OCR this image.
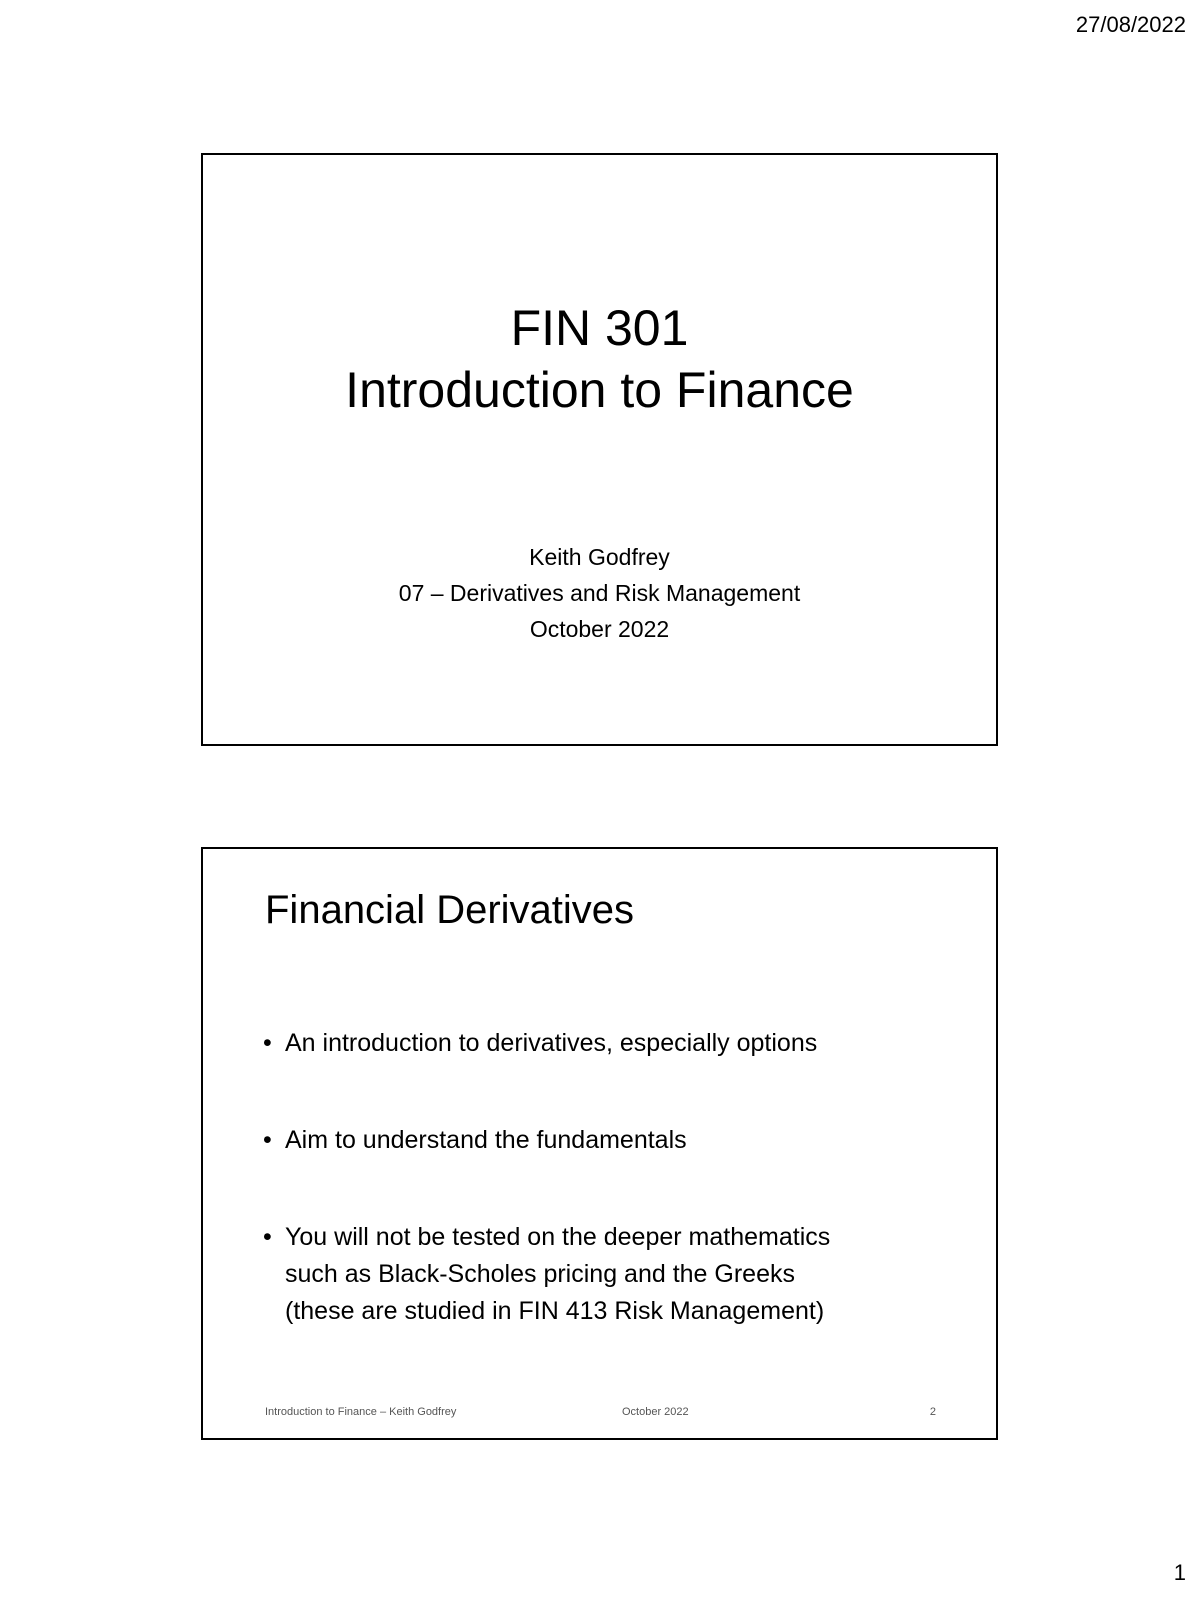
27/08/2022
FIN 301
Introduction to Finance
Keith Godfrey
07 – Derivatives and Risk Management
October 2022
Financial Derivatives
• An introduction to derivatives, especially options
• Aim to understand the fundamentals
• You will not be tested on the deeper mathematics
such as Black-Scholes pricing and the Greeks
(these are studied in FIN 413 Risk Management)
Introduction to Finance – Keith Godfrey	October 2022	2
1
